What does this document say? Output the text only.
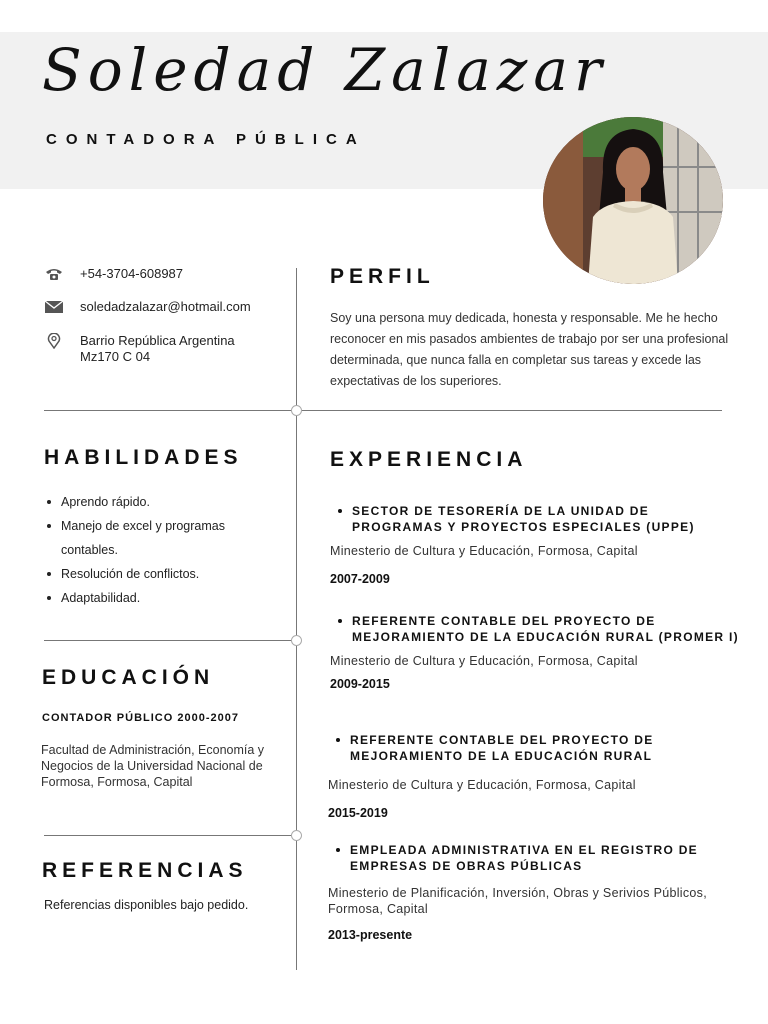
Soledad Zalazar
CONTADORA PÚBLICA
+54-3704-608987
soledadzalazar@hotmail.com
Barrio República Argentina
Mz170 C 04
PERFIL
Soy una persona muy dedicada, honesta y responsable. Me he hecho reconocer en mis pasados ambientes de trabajo por ser una profesional determinada, que nunca falla en completar sus tareas y excede las expectativas de los superiores.
HABILIDADES
Aprendo rápido.
Manejo de excel y programas contables.
Resolución de conflictos.
Adaptabilidad.
EDUCACIÓN
CONTADOR PÚBLICO 2000-2007
Facultad de Administración, Economía y Negocios de la Universidad Nacional de Formosa, Formosa, Capital
REFERENCIAS
Referencias disponibles bajo pedido.
EXPERIENCIA
SECTOR DE TESORERÍA DE LA UNIDAD DE PROGRAMAS Y PROYECTOS ESPECIALES (UPPE)
Minesterio de Cultura y Educación, Formosa, Capital
2007-2009
REFERENTE CONTABLE DEL PROYECTO DE MEJORAMIENTO DE LA EDUCACIÓN RURAL (PROMER I)
Minesterio de Cultura y Educación, Formosa, Capital
2009-2015
REFERENTE CONTABLE DEL PROYECTO DE MEJORAMIENTO DE LA EDUCACIÓN RURAL
Minesterio de Cultura y Educación, Formosa, Capital
2015-2019
EMPLEADA ADMINISTRATIVA EN EL REGISTRO DE EMPRESAS DE OBRAS PÚBLICAS
Minesterio de Planificación, Inversión, Obras y Serivios Públicos, Formosa, Capital
2013-presente
